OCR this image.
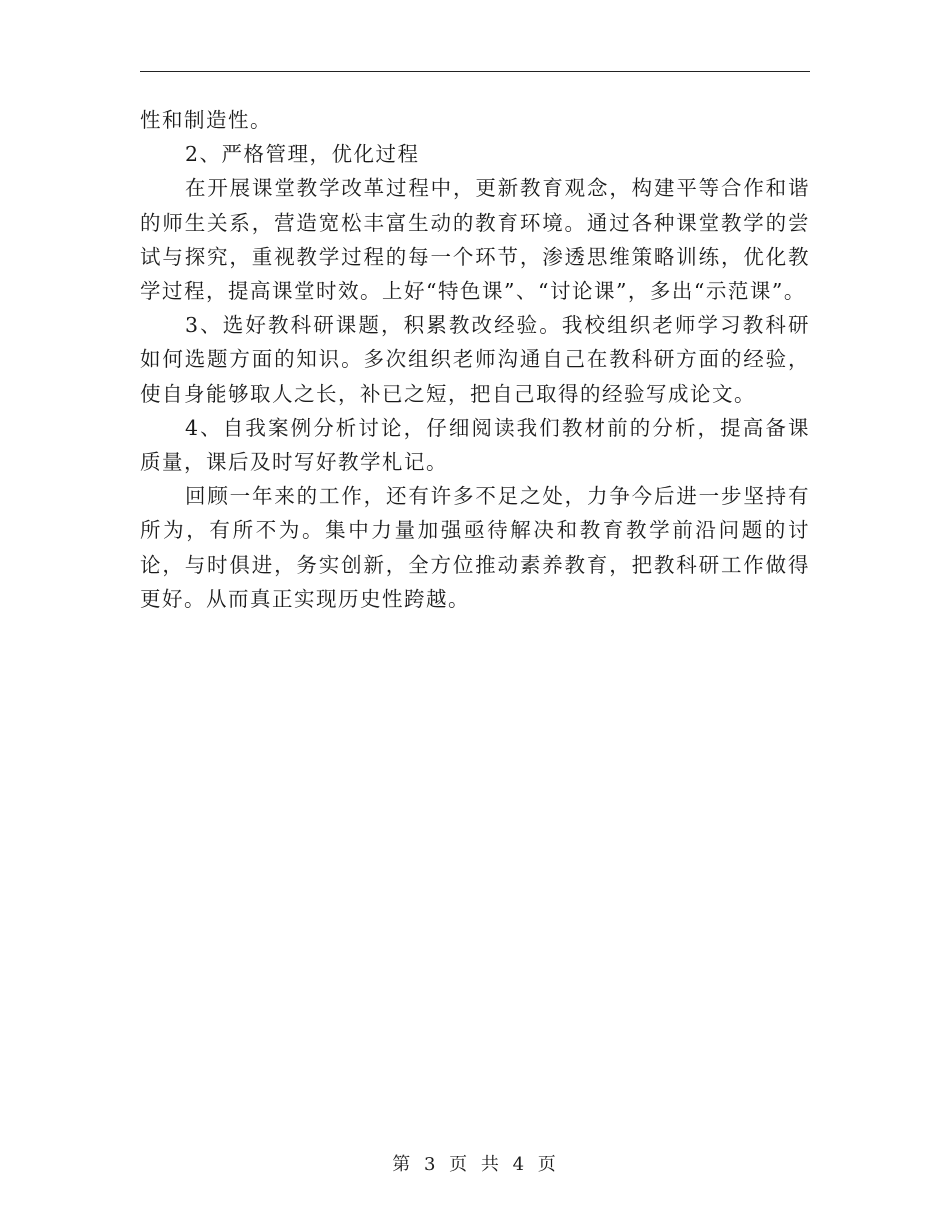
性和制造性。

2、严格管理，优化过程

在开展课堂教学改革过程中，更新教育观念，构建平等合作和谐的师生关系，营造宽松丰富生动的教育环境。通过各种课堂教学的尝试与探究，重视教学过程的每一个环节，渗透思维策略训练，优化教学过程，提高课堂时效。上好“特色课”、“讨论课”，多出“示范课”。

3、选好教科研课题，积累教改经验。我校组织老师学习教科研如何选题方面的知识。多次组织老师沟通自己在教科研方面的经验，使自身能够取人之长，补已之短，把自己取得的经验写成论文。

4、自我案例分析讨论，仔细阅读我们教材前的分析，提高备课质量，课后及时写好教学札记。

回顾一年来的工作，还有许多不足之处，力争今后进一步坚持有所为，有所不为。集中力量加强亟待解决和教育教学前沿问题的讨论，与时俱进，务实创新，全方位推动素养教育，把教科研工作做得更好。从而真正实现历史性跨越。

第 3 页 共 4 页
